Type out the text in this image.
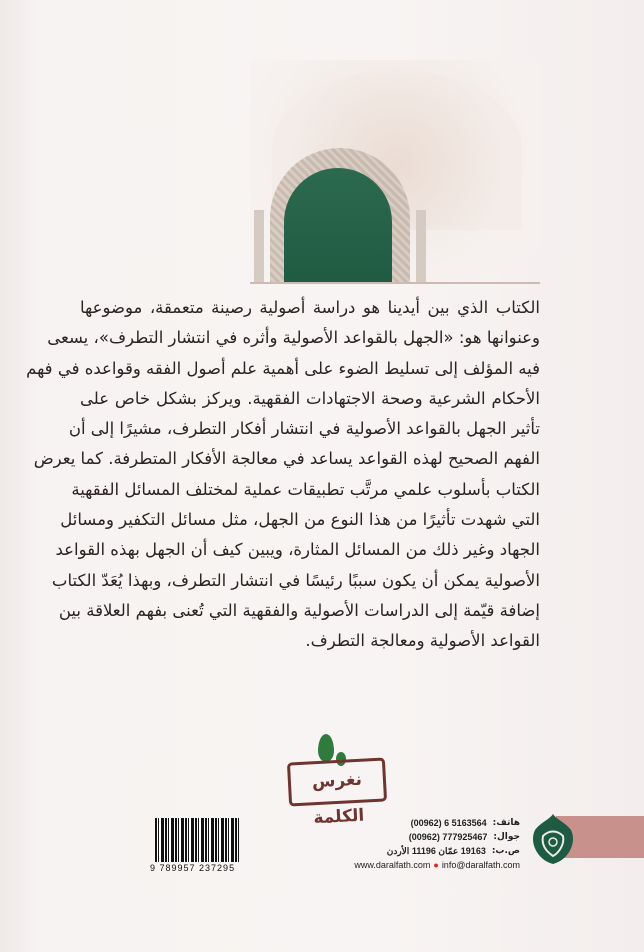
الكتاب الذي بين أيدينا هو دراسة أصولية رصينة متعمقة، موضوعها
وعنوانها هو: «الجهل بالقواعد الأصولية وأثره في انتشار التطرف»، يسعى
فيه المؤلف إلى تسليط الضوء على أهمية علم أصول الفقه وقواعده في فهم
الأحكام الشرعية وصحة الاجتهادات الفقهية. ويركز بشكل خاص على
تأثير الجهل بالقواعد الأصولية في انتشار أفكار التطرف، مشيرًا إلى أن
الفهم الصحيح لهذه القواعد يساعد في معالجة الأفكار المتطرفة. كما يعرض
الكتاب بأسلوب علمي مرتَّب تطبيقات عملية لمختلف المسائل الفقهية
التي شهدت تأثيرًا من هذا النوع من الجهل، مثل مسائل التكفير ومسائل
الجهاد وغير ذلك من المسائل المثارة، ويبين كيف أن الجهل بهذه القواعد
الأصولية يمكن أن يكون سببًا رئيسًا في انتشار التطرف، وبهذا يُعَدّ الكتاب
إضافة قيّمة إلى الدراسات الأصولية والفقهية التي تُعنى بفهم العلاقة بين
القواعد الأصولية ومعالجة التطرف.
نغرس الكلمة	(00962) 6 5163564 هاتف:
(00962) 777925467 جوال:
19163 عمّان 11196 الأردن ص.ب:
www.daralfath.com ● info@daralfath.com
9 789957 237295
